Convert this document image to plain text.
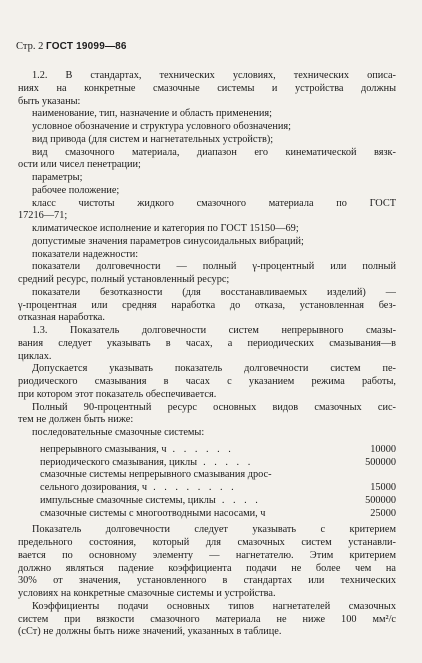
Стр. 2 ГОСТ 19099—86
1.2. В стандартах, технических условиях, технических описа-
ниях на конкретные смазочные системы и устройства должны
быть указаны:
наименование, тип, назначение и область применения;
условное обозначение и структура условного обозначения;
вид привода (для систем и нагнетательных устройств);
вид смазочного материала, диапазон его кинематической вязк-
ости или чисел пенетрации;
параметры;
рабочее положение;
класс чистоты жидкого смазочного материала по ГОСТ
17216—71;
климатическое исполнение и категория по ГОСТ 15150—69;
допустимые значения параметров синусоидальных вибраций;
показатели надежности:
показатели долговечности — полный γ-процентный или полный
средний ресурс, полный установленный ресурс;
показатели безотказности (для восстанавливаемых изделий) —
γ-процентная или средняя наработка до отказа, установленная без-
отказная наработка.
1.3. Показатель долговечности систем непрерывного смазы-
вания следует указывать в часах, а периодических смазывания—в
циклах.
Допускается указывать показатель долговечности систем пе-
риодического смазывания в часах с указанием режима работы,
при котором этот показатель обеспечивается.
Полный 90-процентный ресурс основных видов смазочных сис-
тем не должен быть ниже:
последовательные смазочные системы:
непрерывного смазывания, ч . . . . . .	10000
периодического смазывания, циклы . . . . .	500000
смазочные системы непрерывного смазывания дрос-
сельного дозирования, ч . . . . . . . .	15000
импульсные смазочные системы, циклы . . . .	500000
смазочные системы с многоотводными насосами, ч	25000
Показатель долговечности следует указывать с критерием
предельного состояния, который для смазочных систем устанавли-
вается по основному элементу — нагнетателю. Этим критерием
должно являться падение коэффициента подачи не более чем на
30% от значения, установленного в стандартах или технических
условиях на конкретные смазочные системы и устройства.
Коэффициенты подачи основных типов нагнетателей смазочных
систем при вязкости смазочного материала не ниже 100 мм²/с
(сСт) не должны быть ниже значений, указанных в таблице.
